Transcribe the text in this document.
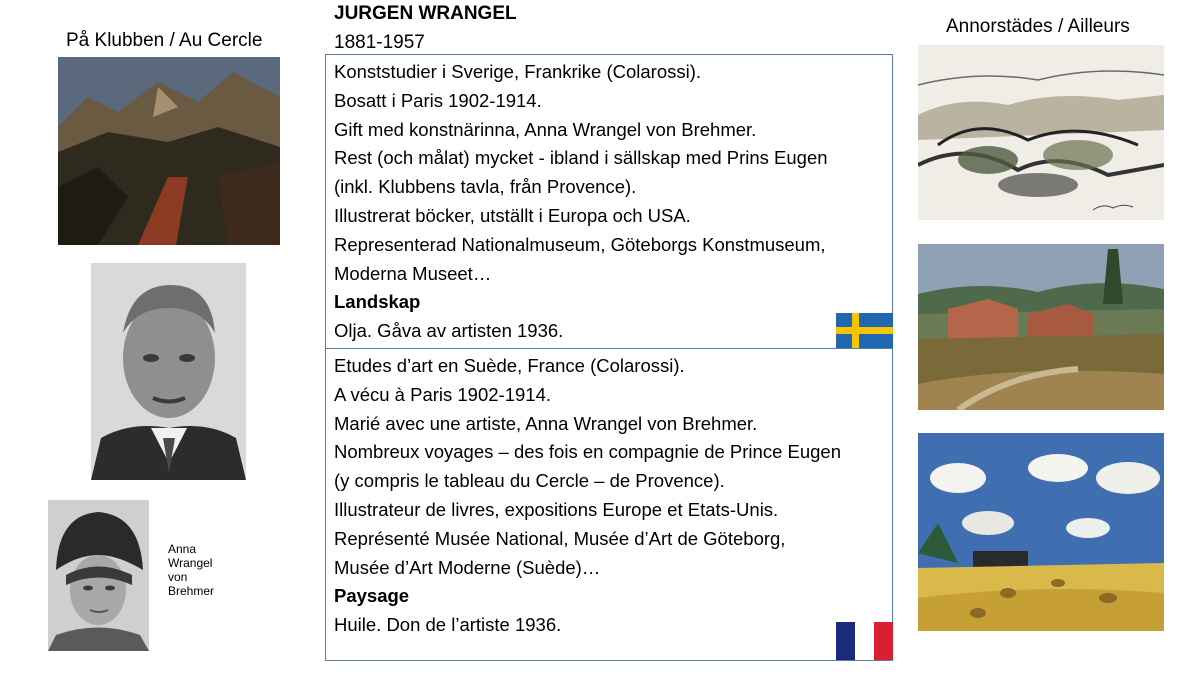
På Klubben / Au Cercle
Annorstädes / Ailleurs
JURGEN WRANGEL
1881-1957
Konststudier i Sverige, Frankrike (Colarossi).
Bosatt i Paris 1902-1914.
Gift med konstnärinna, Anna Wrangel von Brehmer.
Rest (och målat) mycket - ibland i sällskap med Prins Eugen
(inkl. Klubbens tavla, från Provence).
Illustrerat böcker, utställt i Europa och USA.
Representerad Nationalmuseum, Göteborgs Konstmuseum,
Moderna Museet…
Landskap
Olja. Gåva av artisten 1936.
Etudes d’art en Suède, France (Colarossi).
A vécu à Paris 1902-1914.
Marié avec une artiste, Anna Wrangel von Brehmer.
Nombreux voyages – des fois en compagnie de Prince Eugen
(y compris le tableau du Cercle – de Provence).
Illustrateur de livres, expositions Europe et Etats-Unis.
Représenté Musée National, Musée d’Art de Göteborg,
Musée d’Art Moderne (Suède)…
Paysage
Huile. Don de l’artiste 1936.
Anna
Wrangel
von
Brehmer
